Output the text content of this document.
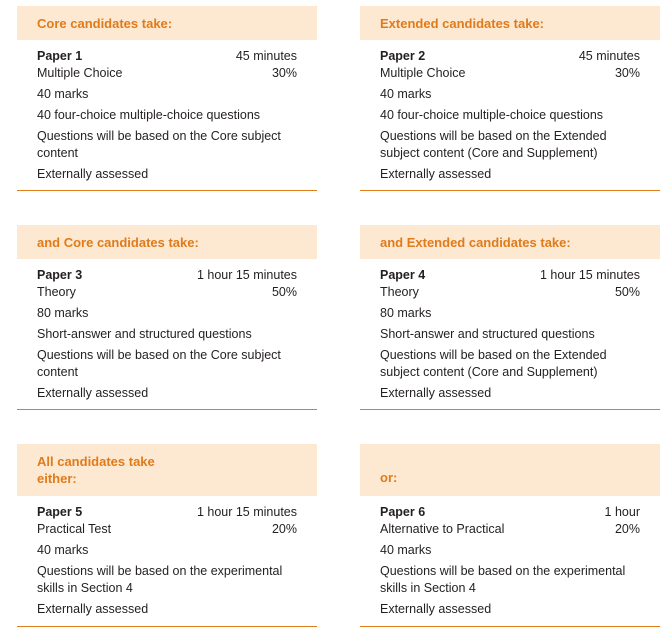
Core candidates take:
Paper 1	45 minutes
Multiple Choice	30%
40 marks
40 four-choice multiple-choice questions
Questions will be based on the Core subject
content
Externally assessed
Extended candidates take:
Paper 2	45 minutes
Multiple Choice	30%
40 marks
40 four-choice multiple-choice questions
Questions will be based on the Extended
subject content (Core and Supplement)
Externally assessed
and Core candidates take:
Paper 3	1 hour 15 minutes
Theory	50%
80 marks
Short-answer and structured questions
Questions will be based on the Core subject
content
Externally assessed
and Extended candidates take:
Paper 4	1 hour 15 minutes
Theory	50%
80 marks
Short-answer and structured questions
Questions will be based on the Extended
subject content (Core and Supplement)
Externally assessed
All candidates take
either:
Paper 5	1 hour 15 minutes
Practical Test	20%
40 marks
Questions will be based on the experimental
skills in Section 4
Externally assessed
or:
Paper 6	1 hour
Alternative to Practical	20%
40 marks
Questions will be based on the experimental
skills in Section 4
Externally assessed
